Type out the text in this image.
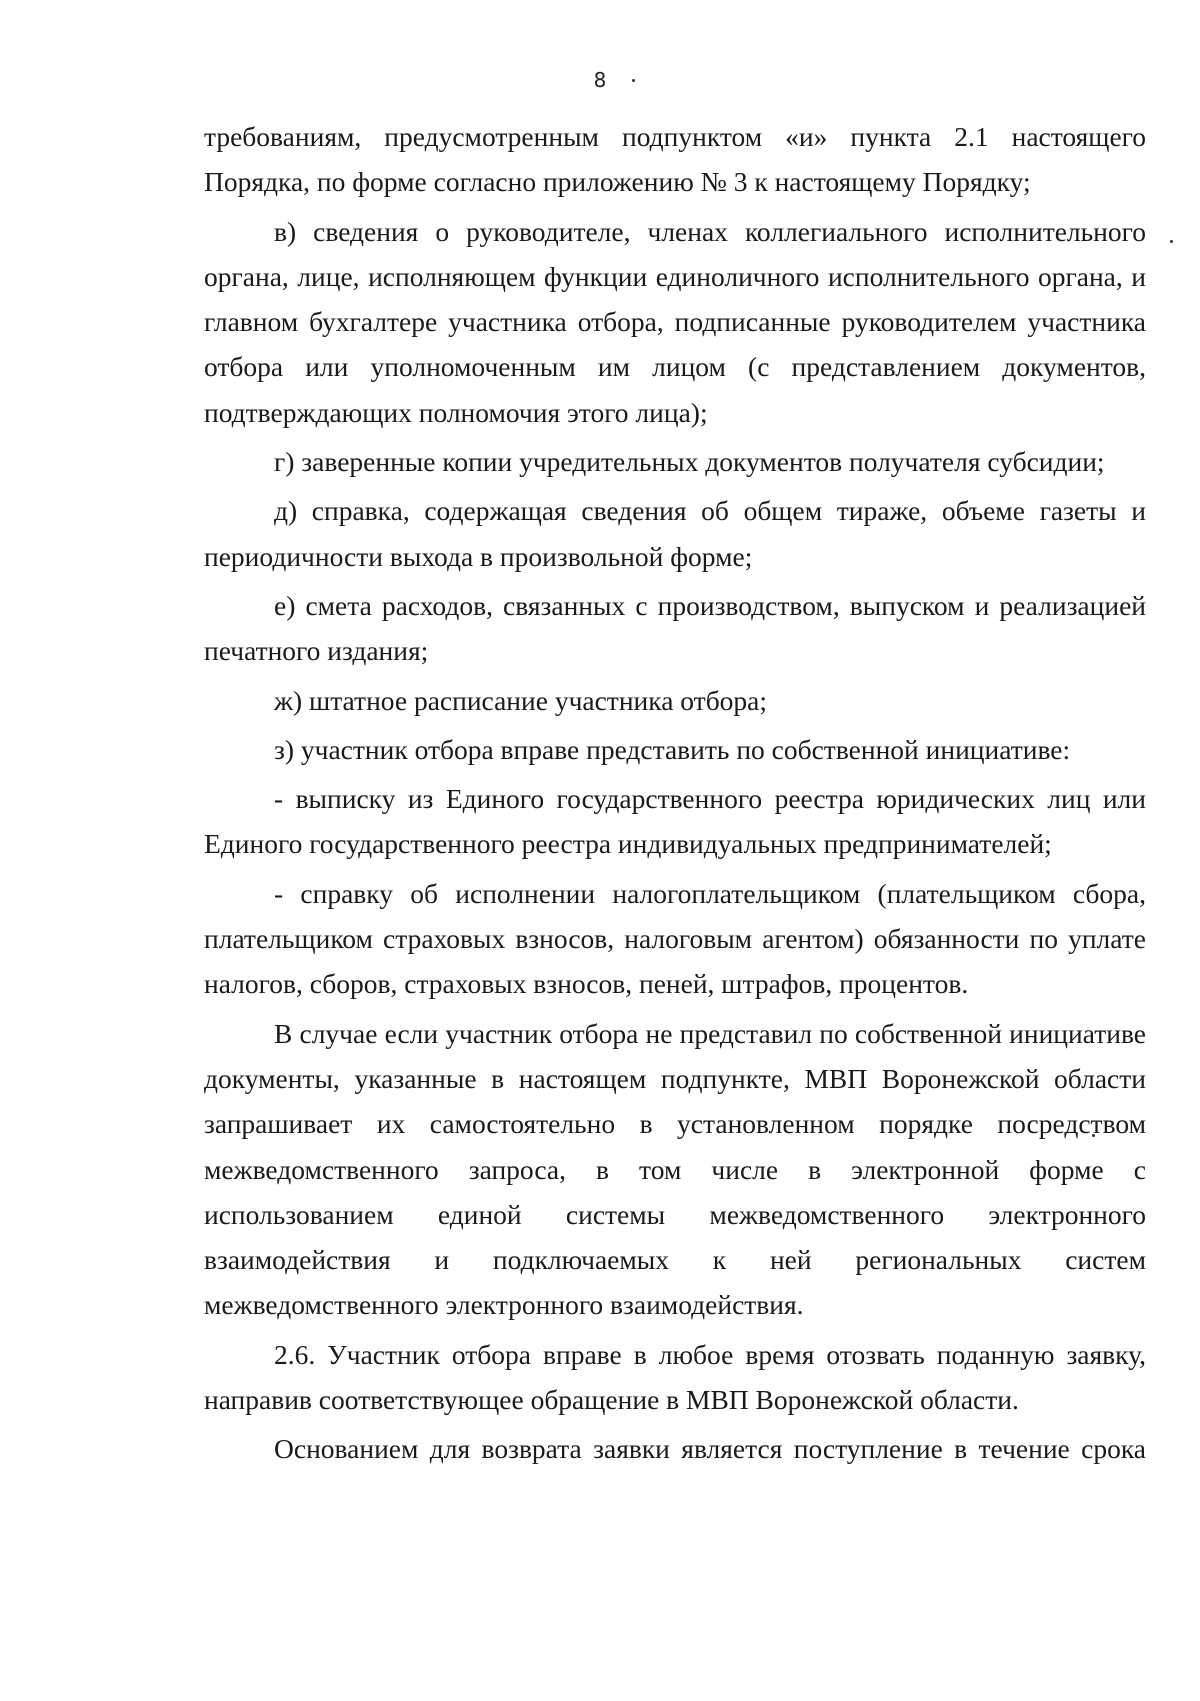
8

требованиям, предусмотренным подпунктом «и» пункта 2.1 настоящего Порядка, по форме согласно приложению № 3 к настоящему Порядку;

в) сведения о руководителе, членах коллегиального исполнительного органа, лице, исполняющем функции единоличного исполнительного органа, и главном бухгалтере участника отбора, подписанные руководителем участника отбора или уполномоченным им лицом (с представлением документов, подтверждающих полномочия этого лица);

г) заверенные копии учредительных документов получателя субсидии;

д) справка, содержащая сведения об общем тираже, объеме газеты и периодичности выхода в произвольной форме;

е) смета расходов, связанных с производством, выпуском и реализацией печатного издания;

ж) штатное расписание участника отбора;

з) участник отбора вправе представить по собственной инициативе:

- выписку из Единого государственного реестра юридических лиц или Единого государственного реестра индивидуальных предпринимателей;

- справку об исполнении налогоплательщиком (плательщиком сбора, плательщиком страховых взносов, налоговым агентом) обязанности по уплате налогов, сборов, страховых взносов, пеней, штрафов, процентов.

В случае если участник отбора не представил по собственной инициативе документы, указанные в настоящем подпункте, МВП Воронежской области запрашивает их самостоятельно в установленном порядке посредством межведомственного запроса, в том числе в электронной форме с использованием единой системы межведомственного электронного взаимодействия и подключаемых к ней региональных систем межведомственного электронного взаимодействия.

2.6. Участник отбора вправе в любое время отозвать поданную заявку, направив соответствующее обращение в МВП Воронежской области.

Основанием для возврата заявки является поступление в течение срока
